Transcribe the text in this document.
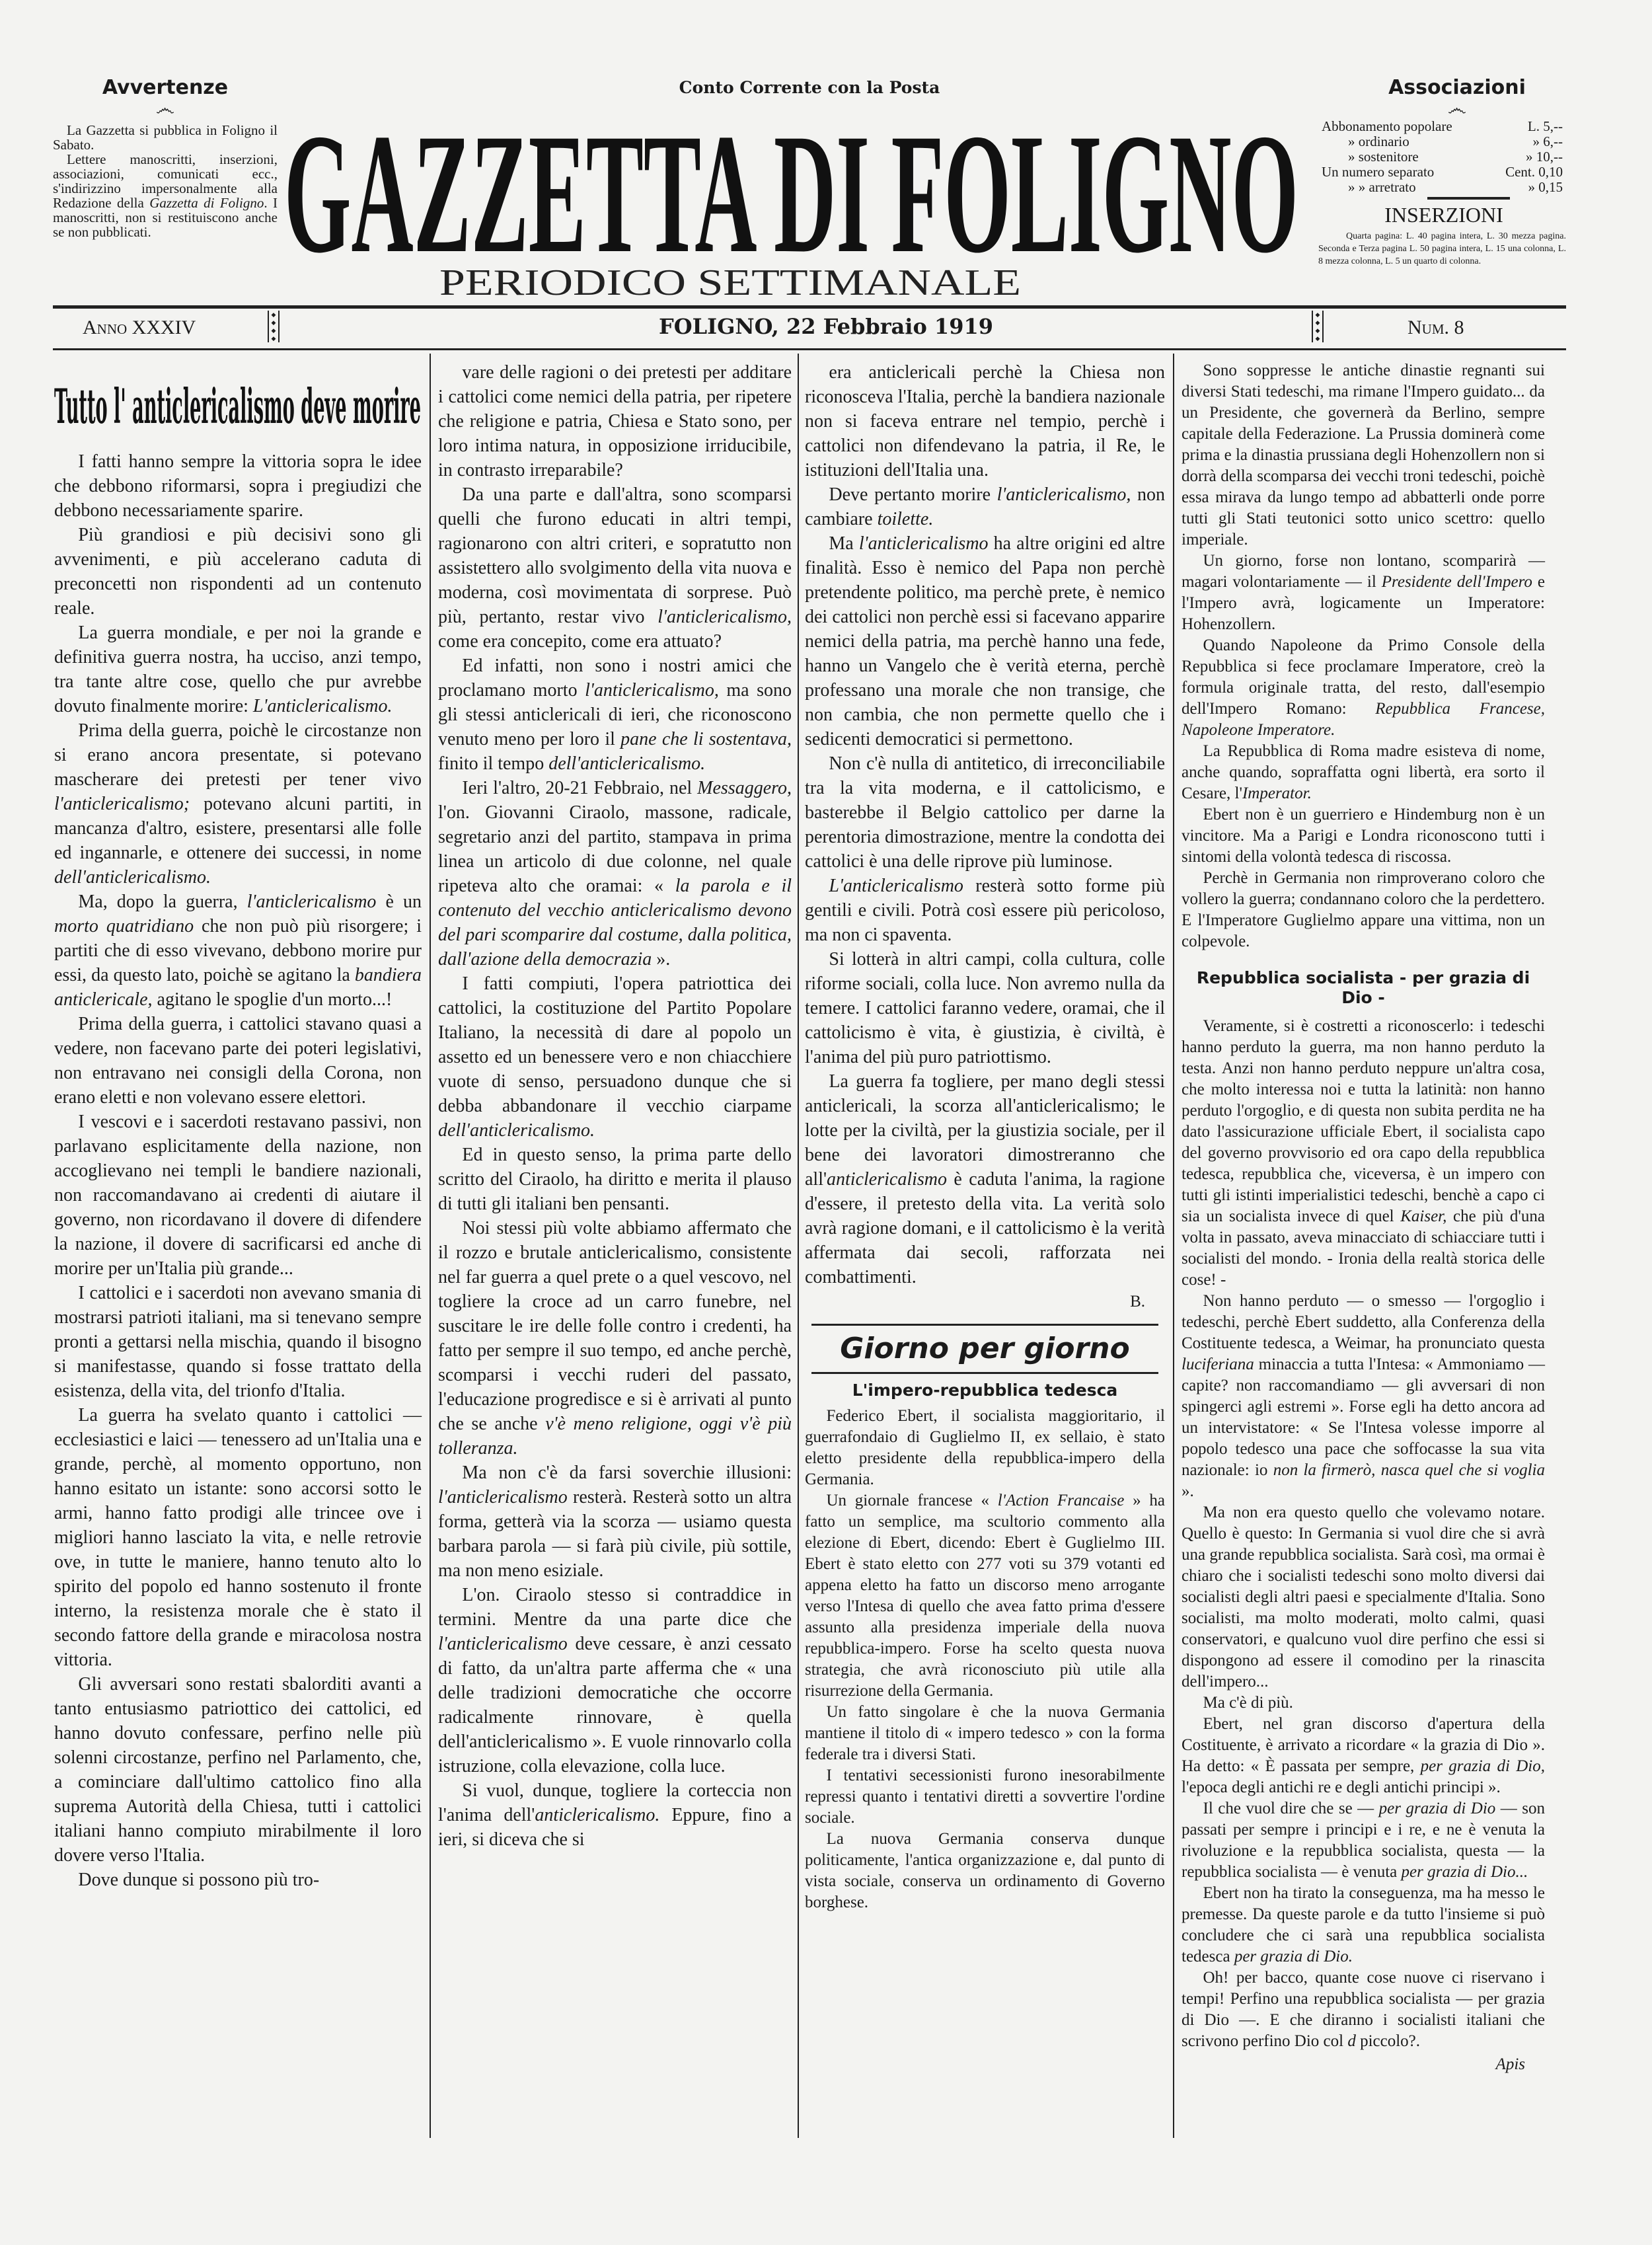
Avvertenze
෴

La Gazzetta si pubblica in Foligno il Sabato.

Lettere manoscritti, inserzioni, associazioni, comunicati ecc., s'indirizzino impersonalmente alla Redazione della Gazzetta di Foligno. I manoscritti, non si restituiscono anche se non pubblicati.

Conto Corrente con la Posta
GAZZETTA DI FOLIGNO
PERIODICO SETTIMANALE
Associazioni
෴
Abbonamento popolare	L. 5,--
» ordinario	» 6,--
» sostenitore	» 10,--
Un numero separato	Cent. 0,10
» » arretrato	» 0,15
INSERZIONI
Quarta pagina: L. 40 pagina intera, L. 30 mezza pagina. Seconda e Terza pagina L. 50 pagina intera, L. 15 una colonna, L. 8 mezza colonna, L. 5 un quarto di colonna.
Anno XXXIV
◆
◆
◆
◆	FOLIGNO, 22 Febbraio 1919	◆
◆
◆
◆	Num. 8
Tutto l' anticlericalismo deve morire

I fatti hanno sempre la vittoria sopra le idee che debbono riformarsi, sopra i pregiudizi che debbono necessariamente sparire.

Più grandiosi e più decisivi sono gli avvenimenti, e più accelerano caduta di preconcetti non rispondenti ad un contenuto reale.

La guerra mondiale, e per noi la grande e definitiva guerra nostra, ha ucciso, anzi tempo, tra tante altre cose, quello che pur avrebbe dovuto finalmente morire: L'anticlericalismo.

Prima della guerra, poichè le circostanze non si erano ancora presentate, si potevano mascherare dei pretesti per tener vivo l'anticlericalismo; potevano alcuni partiti, in mancanza d'altro, esistere, presentarsi alle folle ed ingannarle, e ottenere dei successi, in nome dell'anticlericalismo.

Ma, dopo la guerra, l'anticlericalismo è un morto quatridiano che non può più risorgere; i partiti che di esso vivevano, debbono morire pur essi, da questo lato, poichè se agitano la bandiera anticlericale, agitano le spoglie d'un morto...!

Prima della guerra, i cattolici stavano quasi a vedere, non facevano parte dei poteri legislativi, non entravano nei consigli della Corona, non erano eletti e non volevano essere elettori.

I vescovi e i sacerdoti restavano passivi, non parlavano esplicitamente della nazione, non accoglievano nei templi le bandiere nazionali, non raccomandavano ai credenti di aiutare il governo, non ricordavano il dovere di difendere la nazione, il dovere di sacrificarsi ed anche di morire per un'Italia più grande...

I cattolici e i sacerdoti non avevano smania di mostrarsi patrioti italiani, ma si tenevano sempre pronti a gettarsi nella mischia, quando il bisogno si manifestasse, quando si fosse trattato della esistenza, della vita, del trionfo d'Italia.

La guerra ha svelato quanto i cattolici — ecclesiastici e laici — tenessero ad un'Italia una e grande, perchè, al momento opportuno, non hanno esitato un istante: sono accorsi sotto le armi, hanno fatto prodigi alle trincee ove i migliori hanno lasciato la vita, e nelle retrovie ove, in tutte le maniere, hanno tenuto alto lo spirito del popolo ed hanno sostenuto il fronte interno, la resistenza morale che è stato il secondo fattore della grande e miracolosa nostra vittoria.

Gli avversari sono restati sbalorditi avanti a tanto entusiasmo patriottico dei cattolici, ed hanno dovuto confessare, perfino nelle più solenni circostanze, perfino nel Parlamento, che, a cominciare dall'ultimo cattolico fino alla suprema Autorità della Chiesa, tutti i cattolici italiani hanno compiuto mirabilmente il loro dovere verso l'Italia.

Dove dunque si possono più tro-

vare delle ragioni o dei pretesti per additare i cattolici come nemici della patria, per ripetere che religione e patria, Chiesa e Stato sono, per loro intima natura, in opposizione irriducibile, in contrasto irreparabile?

Da una parte e dall'altra, sono scomparsi quelli che furono educati in altri tempi, ragionarono con altri criteri, e sopratutto non assistettero allo svolgimento della vita nuova e moderna, così movimentata di sorprese. Può più, pertanto, restar vivo l'anticlericalismo, come era concepito, come era attuato?

Ed infatti, non sono i nostri amici che proclamano morto l'anticlericalismo, ma sono gli stessi anticlericali di ieri, che riconoscono venuto meno per loro il pane che li sostentava, finito il tempo dell'anticlericalismo.

Ieri l'altro, 20-21 Febbraio, nel Messaggero, l'on. Giovanni Ciraolo, massone, radicale, segretario anzi del partito, stampava in prima linea un articolo di due colonne, nel quale ripeteva alto che oramai: « la parola e il contenuto del vecchio anticlericalismo devono del pari scomparire dal costume, dalla politica, dall'azione della democrazia ».

I fatti compiuti, l'opera patriottica dei cattolici, la costituzione del Partito Popolare Italiano, la necessità di dare al popolo un assetto ed un benessere vero e non chiacchiere vuote di senso, persuadono dunque che si debba abbandonare il vecchio ciarpame dell'anticlericalismo.

Ed in questo senso, la prima parte dello scritto del Ciraolo, ha diritto e merita il plauso di tutti gli italiani ben pensanti.

Noi stessi più volte abbiamo affermato che il rozzo e brutale anticlericalismo, consistente nel far guerra a quel prete o a quel vescovo, nel togliere la croce ad un carro funebre, nel suscitare le ire delle folle contro i credenti, ha fatto per sempre il suo tempo, ed anche perchè, scomparsi i vecchi ruderi del passato, l'educazione progredisce e si è arrivati al punto che se anche v'è meno religione, oggi v'è più tolleranza.

Ma non c'è da farsi soverchie illusioni: l'anticlericalismo resterà. Resterà sotto un altra forma, getterà via la scorza — usiamo questa barbara parola — si farà più civile, più sottile, ma non meno esiziale.

L'on. Ciraolo stesso si contraddice in termini. Mentre da una parte dice che l'anticlericalismo deve cessare, è anzi cessato di fatto, da un'altra parte afferma che « una delle tradizioni democratiche che occorre radicalmente rinnovare, è quella dell'anticlericalismo ». E vuole rinnovarlo colla istruzione, colla elevazione, colla luce.

Si vuol, dunque, togliere la corteccia non l'anima dell'anticlericalismo. Eppure, fino a ieri, si diceva che si

era anticlericali perchè la Chiesa non riconosceva l'Italia, perchè la bandiera nazionale non si faceva entrare nel tempio, perchè i cattolici non difendevano la patria, il Re, le istituzioni dell'Italia una.

Deve pertanto morire l'anticlericalismo, non cambiare toilette.

Ma l'anticlericalismo ha altre origini ed altre finalità. Esso è nemico del Papa non perchè pretendente politico, ma perchè prete, è nemico dei cattolici non perchè essi si facevano apparire nemici della patria, ma perchè hanno una fede, hanno un Vangelo che è verità eterna, perchè professano una morale che non transige, che non cambia, che non permette quello che i sedicenti democratici si permettono.

Non c'è nulla di antitetico, di irreconciliabile tra la vita moderna, e il cattolicismo, e basterebbe il Belgio cattolico per darne la perentoria dimostrazione, mentre la condotta dei cattolici è una delle riprove più luminose.

L'anticlericalismo resterà sotto forme più gentili e civili. Potrà così essere più pericoloso, ma non ci spaventa.

Si lotterà in altri campi, colla cultura, colle riforme sociali, colla luce. Non avremo nulla da temere. I cattolici faranno vedere, oramai, che il cattolicismo è vita, è giustizia, è civiltà, è l'anima del più puro patriottismo.

La guerra fa togliere, per mano degli stessi anticlericali, la scorza all'anticlericalismo; le lotte per la civiltà, per la giustizia sociale, per il bene dei lavoratori dimostreranno che all'anticlericalismo è caduta l'anima, la ragione d'essere, il pretesto della vita. La verità solo avrà ragione domani, e il cattolicismo è la verità affermata dai secoli, rafforzata nei combattimenti.

B.
Giorno per giorno
L'impero-repubblica tedesca

Federico Ebert, il socialista maggioritario, il guerrafondaio di Guglielmo II, ex sellaio, è stato eletto presidente della repubblica-impero della Germania.

Un giornale francese « l'Action Francaise » ha fatto un semplice, ma scultorio commento alla elezione di Ebert, dicendo: Ebert è Guglielmo III. Ebert è stato eletto con 277 voti su 379 votanti ed appena eletto ha fatto un discorso meno arrogante verso l'Intesa di quello che avea fatto prima d'essere assunto alla presidenza imperiale della nuova repubblica-impero. Forse ha scelto questa nuova strategia, che avrà riconosciuto più utile alla risurrezione della Germania.

Un fatto singolare è che la nuova Germania mantiene il titolo di « impero tedesco » con la forma federale tra i diversi Stati.

I tentativi secessionisti furono inesorabilmente repressi quanto i tentativi diretti a sovvertire l'ordine sociale.

La nuova Germania conserva dunque politicamente, l'antica organizzazione e, dal punto di vista sociale, conserva un ordinamento di Governo borghese.

Sono soppresse le antiche dinastie regnanti sui diversi Stati tedeschi, ma rimane l'Impero guidato... da un Presidente, che governerà da Berlino, sempre capitale della Federazione. La Prussia dominerà come prima e la dinastia prussiana degli Hohenzollern non si dorrà della scomparsa dei vecchi troni tedeschi, poichè essa mirava da lungo tempo ad abbatterli onde porre tutti gli Stati teutonici sotto unico scettro: quello imperiale.

Un giorno, forse non lontano, scomparirà — magari volontariamente — il Presidente dell'Impero e l'Impero avrà, logicamente un Imperatore: Hohenzollern.

Quando Napoleone da Primo Console della Repubblica si fece proclamare Imperatore, creò la formula originale tratta, del resto, dall'esempio dell'Impero Romano: Repubblica Francese, Napoleone Imperatore.

La Repubblica di Roma madre esisteva di nome, anche quando, sopraffatta ogni libertà, era sorto il Cesare, l'Imperator.

Ebert non è un guerriero e Hindemburg non è un vincitore. Ma a Parigi e Londra riconoscono tutti i sintomi della volontà tedesca di riscossa.

Perchè in Germania non rimproverano coloro che vollero la guerra; condannano coloro che la perdettero. E l'Imperatore Guglielmo appare una vittima, non un colpevole.

Repubblica socialista - per grazia di Dio -

Veramente, si è costretti a riconoscerlo: i tedeschi hanno perduto la guerra, ma non hanno perduto la testa. Anzi non hanno perduto neppure un'altra cosa, che molto interessa noi e tutta la latinità: non hanno perduto l'orgoglio, e di questa non subita perdita ne ha dato l'assicurazione ufficiale Ebert, il socialista capo del governo provvisorio ed ora capo della repubblica tedesca, repubblica che, viceversa, è un impero con tutti gli istinti imperialistici tedeschi, benchè a capo ci sia un socialista invece di quel Kaiser, che più d'una volta in passato, aveva minacciato di schiacciare tutti i socialisti del mondo. - Ironia della realtà storica delle cose! -

Non hanno perduto — o smesso — l'orgoglio i tedeschi, perchè Ebert suddetto, alla Conferenza della Costituente tedesca, a Weimar, ha pronunciato questa luciferiana minaccia a tutta l'Intesa: « Ammoniamo — capite? non raccomandiamo — gli avversari di non spingerci agli estremi ». Forse egli ha detto ancora ad un intervistatore: « Se l'Intesa volesse imporre al popolo tedesco una pace che soffocasse la sua vita nazionale: io non la firmerò, nasca quel che si voglia ».

Ma non era questo quello che volevamo notare. Quello è questo: In Germania si vuol dire che si avrà una grande repubblica socialista. Sarà così, ma ormai è chiaro che i socialisti tedeschi sono molto diversi dai socialisti degli altri paesi e specialmente d'Italia. Sono socialisti, ma molto moderati, molto calmi, quasi conservatori, e qualcuno vuol dire perfino che essi si dispongono ad essere il comodino per la rinascita dell'impero...

Ma c'è di più.

Ebert, nel gran discorso d'apertura della Costituente, è arrivato a ricordare « la grazia di Dio ». Ha detto: « È passata per sempre, per grazia di Dio, l'epoca degli antichi re e degli antichi principi ».

Il che vuol dire che se — per grazia di Dio — son passati per sempre i principi e i re, e ne è venuta la rivoluzione e la repubblica socialista, questa — la repubblica socialista — è venuta per grazia di Dio...

Ebert non ha tirato la conseguenza, ma ha messo le premesse. Da queste parole e da tutto l'insieme si può concludere che ci sarà una repubblica socialista tedesca per grazia di Dio.

Oh! per bacco, quante cose nuove ci riservano i tempi! Perfino una repubblica socialista — per grazia di Dio —. E che diranno i socialisti italiani che scrivono perfino Dio col d piccolo?.

Apis
